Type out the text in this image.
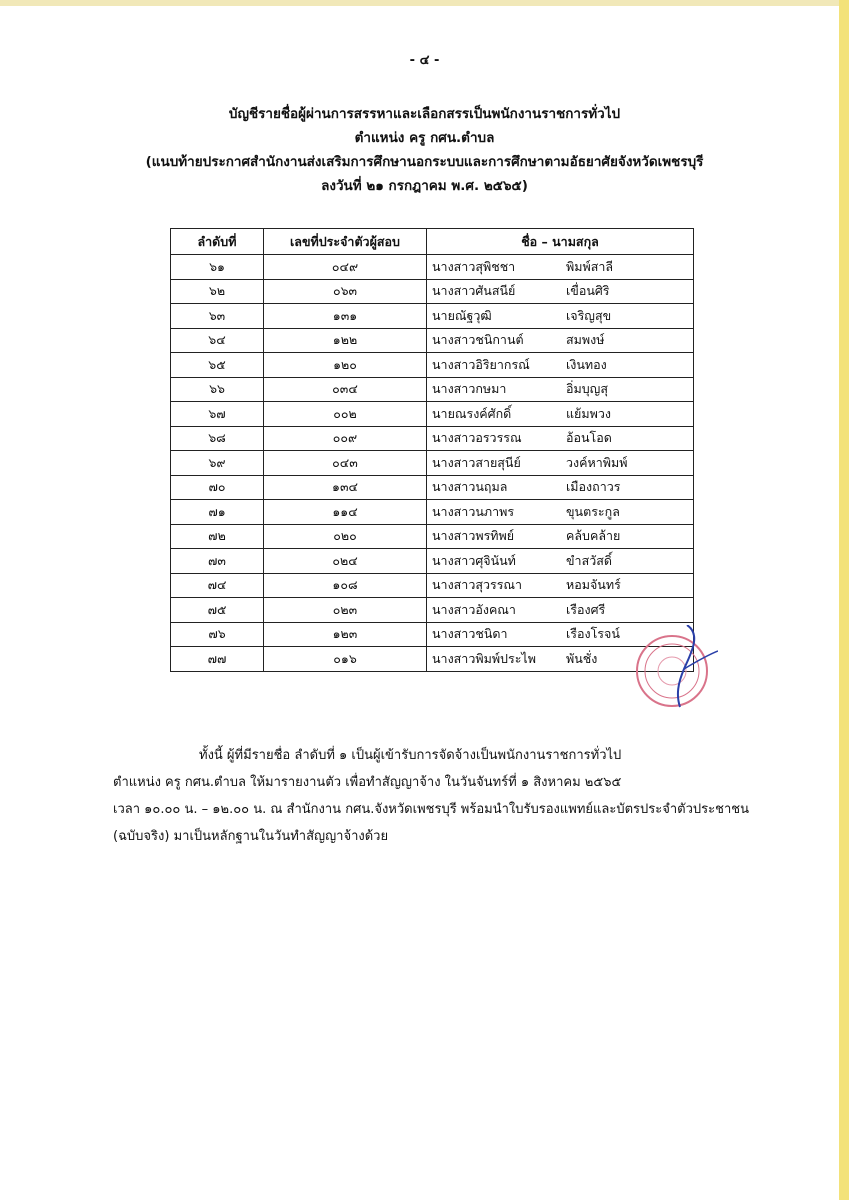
- ๔ -
บัญชีรายชื่อผู้ผ่านการสรรหาและเลือกสรรเป็นพนักงานราชการทั่วไป
ตำแหน่ง ครู กศน.ตำบล
(แนบท้ายประกาศสำนักงานส่งเสริมการศึกษานอกระบบและการศึกษาตามอัธยาศัยจังหวัดเพชรบุรี
ลงวันที่ ๒๑ กรกฎาคม พ.ศ. ๒๕๖๕)
ลำดับที่	เลขที่ประจำตัวผู้สอบ	ชื่อ – นามสกุล
๖๑	๐๔๙	นางสาวสุพิชชา พิมพ์สาลี
๖๒	๐๖๓	นางสาวศันสนีย์ เขื่อนศิริ
๖๓	๑๓๑	นายณัฐวุฒิ เจริญสุข
๖๔	๑๒๒	นางสาวชนิกานต์ สมพงษ์
๖๕	๑๒๐	นางสาวอิริยากรณ์ เงินทอง
๖๖	๐๓๔	นางสาวกษมา อิ่มบุญสุ
๖๗	๐๐๒	นายณรงค์ศักดิ์ แย้มพวง
๖๘	๐๐๙	นางสาวอรวรรณ อ้อนโอด
๖๙	๐๔๓	นางสาวสายสุนีย์ วงค์หาพิมพ์
๗๐	๑๓๔	นางสาวนฤมล เมืองถาวร
๗๑	๑๑๔	นางสาวนภาพร ขุนตระกูล
๗๒	๐๒๐	นางสาวพรทิพย์ คล้บคล้าย
๗๓	๐๒๔	นางสาวศุจินันท์ ขำสวัสดิ์
๗๔	๑๐๘	นางสาวสุวรรณา หอมจันทร์
๗๕	๐๒๓	นางสาวอังคณา เรืองศรี
๗๖	๑๒๓	นางสาวชนิดา เรืองโรจน์
๗๗	๐๑๖	นางสาวพิมพ์ประไพ พันชั่ง
ทั้งนี้ ผู้ที่มีรายชื่อ ลำดับที่ ๑ เป็นผู้เข้ารับการจัดจ้างเป็นพนักงานราชการทั่วไป
ตำแหน่ง ครู กศน.ตำบล ให้มารายงานตัว เพื่อทำสัญญาจ้าง ในวันจันทร์ที่ ๑ สิงหาคม ๒๕๖๕
เวลา ๑๐.๐๐ น. – ๑๒.๐๐ น. ณ สำนักงาน กศน.จังหวัดเพชรบุรี พร้อมนำใบรับรองแพทย์และบัตรประจำตัวประชาชน
(ฉบับจริง) มาเป็นหลักฐานในวันทำสัญญาจ้างด้วย
